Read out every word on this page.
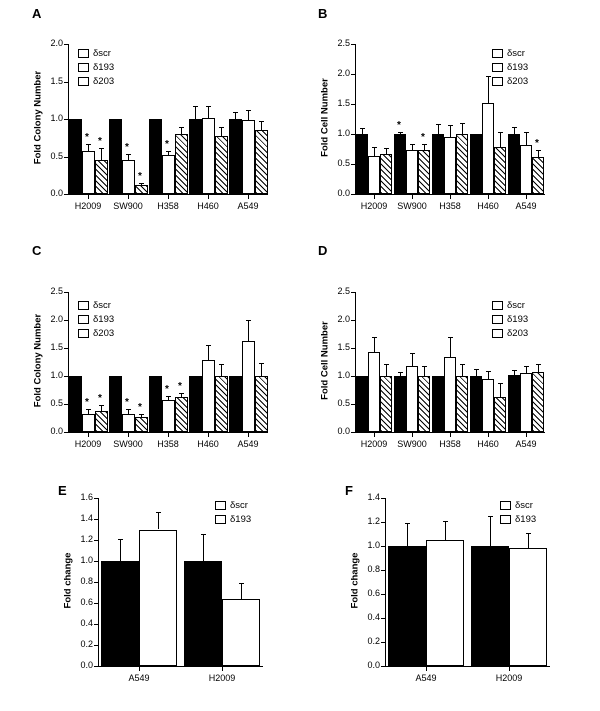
A	B
C	D
E	F
0.0
0.5
1.0
1.5
2.0
Fold Colony Number	* *
H2009
*
*
SW900
*
H358	H460	A549
δscr
δ193
δ203
0.0
0.5
1.0
1.5
2.0
2.5
Fold Cell Number
H2009
*
*
SW900	H358	H460
*
A549
δscr
δ193
δ203
0.0
0.5
1.0
1.5
2.0
2.5
Fold Colony Number	* *
H2009
* *
SW900
* *
H358	H460	A549
δscr
δ193
δ203
0.0
0.5
1.0
1.5
2.0
2.5
Fold Cell Number
H2009	SW900	H358	H460	A549
δscr
δ193
δ203
0.0
0.2
0.4
0.6
0.8
1.0
1.2
1.4
1.6
Fold change
A549	H2009
δscr
δ193
0.0
0.2
0.4
0.6
0.8
1.0
1.2
1.4
Fold change
A549	H2009
δscr
δ193
